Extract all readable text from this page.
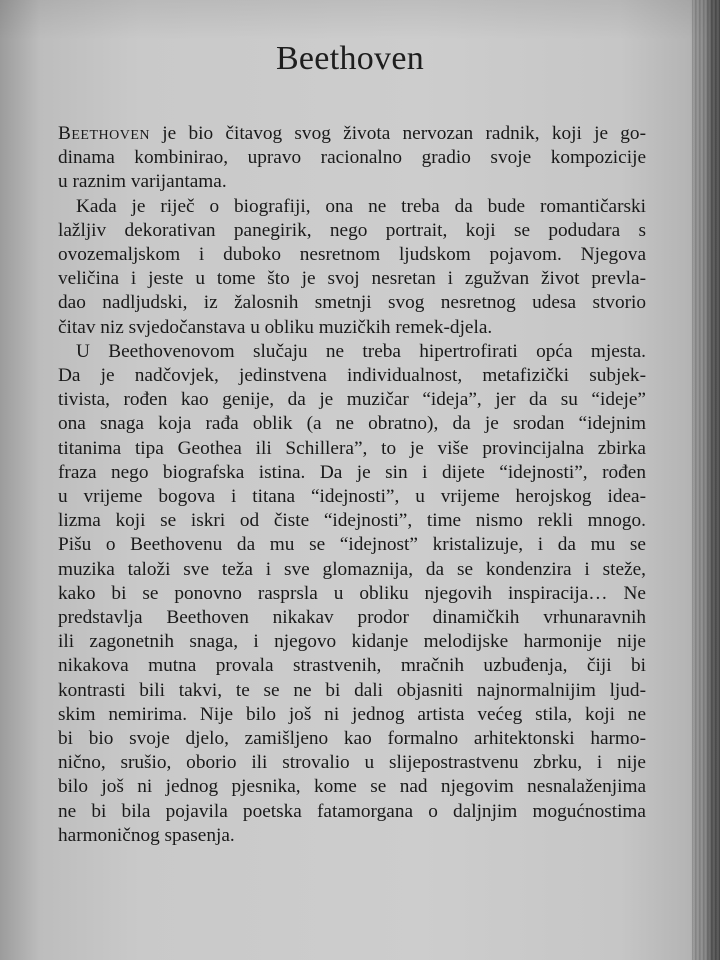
Beethoven
Beethoven je bio čitavog svog života nervozan radnik, koji je go-
dinama kombinirao, upravo racionalno gradio svoje kompozicije
u raznim varijantama.
Kada je riječ o biografiji, ona ne treba da bude romantičarski
lažljiv dekorativan panegirik, nego portrait, koji se podudara s
ovozemaljskom i duboko nesretnom ljudskom pojavom. Njegova
veličina i jeste u tome što je svoj nesretan i zgužvan život prevla-
dao nadljudski, iz žalosnih smetnji svog nesretnog udesa stvorio
čitav niz svjedočanstava u obliku muzičkih remek-djela.
U Beethovenovom slučaju ne treba hipertrofirati opća mjesta.
Da je nadčovjek, jedinstvena individualnost, metafizički subjek-
tivista, rođen kao genije, da je muzičar “ideja”, jer da su “ideje”
ona snaga koja rađa oblik (a ne obratno), da je srodan “idejnim
titanima tipa Geothea ili Schillera”, to je više provincijalna zbirka
fraza nego biografska istina. Da je sin i dijete “idejnosti”, rođen
u vrijeme bogova i titana “idejnosti”, u vrijeme herojskog idea-
lizma koji se iskri od čiste “idejnosti”, time nismo rekli mnogo.
Pišu o Beethovenu da mu se “idejnost” kristalizuje, i da mu se
muzika taloži sve teža i sve glomaznija, da se kondenzira i steže,
kako bi se ponovno rasprsla u obliku njegovih inspiracija… Ne
predstavlja Beethoven nikakav prodor dinamičkih vrhunaravnih
ili zagonetnih snaga, i njegovo kidanje melodijske harmonije nije
nikakova mutna provala strastvenih, mračnih uzbuđenja, čiji bi
kontrasti bili takvi, te se ne bi dali objasniti najnormalnijim ljud-
skim nemirima. Nije bilo još ni jednog artista većeg stila, koji ne
bi bio svoje djelo, zamišljeno kao formalno arhitektonski harmo-
nično, srušio, oborio ili strovalio u slijepostrastvenu zbrku, i nije
bilo još ni jednog pjesnika, kome se nad njegovim nesnalaženjima
ne bi bila pojavila poetska fatamorgana o daljnjim mogućnostima
harmoničnog spasenja.
